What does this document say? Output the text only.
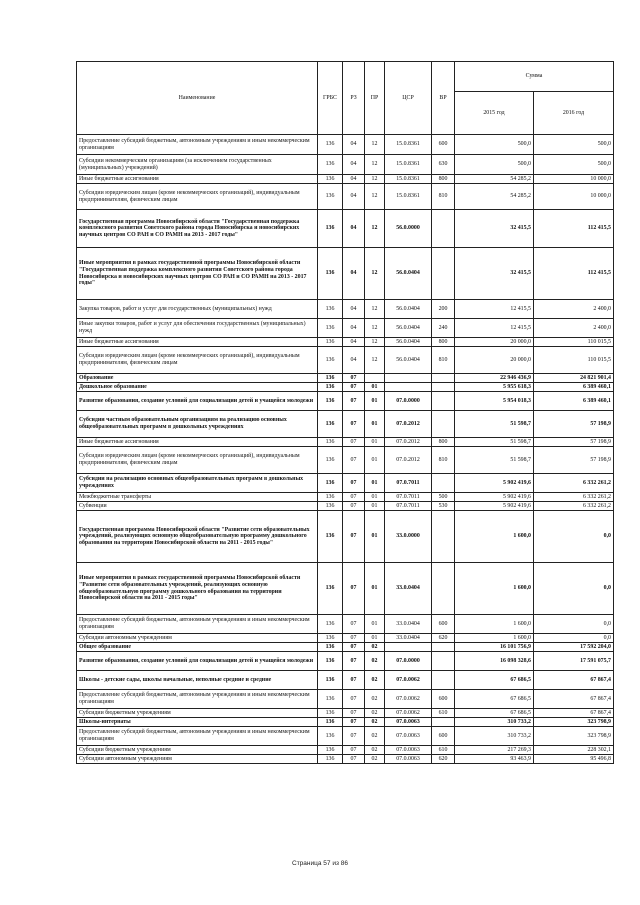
Наименование	ГРБС	РЗ	ПР	ЦСР	ВР	Сумма	
						2015 год	2016 год
Предоставление субсидий бюджетным, автономным учреждениям и иным некоммерческим организациям	136	04	12	15.0.8361	600	500,0	500,0
Субсидии некоммерческим организациям (за исключением государственных (муниципальных) учреждений)	136	04	12	15.0.8361	630	500,0	500,0
Иные бюджетные ассигнования	136	04	12	15.0.8361	800	54 285,2	10 000,0
Субсидии юридическим лицам (кроме некоммерческих организаций), индивидуальным предпринимателям, физическим лицам	136	04	12	15.0.8361	810	54 285,2	10 000,0
Государственная программа Новосибирской области "Государственная поддержка комплексного развития Советского района города Новосибирска и новосибирских научных центров СО РАН и СО РАМН на 2013 - 2017 годы"	136	04	12	56.0.0000		32 415,5	112 415,5
Иные мероприятия в рамках государственной программы Новосибирской области "Государственная поддержка комплексного развития Советского района города Новосибирска и новосибирских научных центров СО РАН и СО РАМН на 2013 - 2017 годы"	136	04	12	56.0.0404		32 415,5	112 415,5
Закупка товаров, работ и услуг для государственных (муниципальных) нужд	136	04	12	56.0.0404	200	12 415,5	2 400,0
Иные закупки товаров, работ и услуг для обеспечения государственных (муниципальных) нужд	136	04	12	56.0.0404	240	12 415,5	2 400,0
Иные бюджетные ассигнования	136	04	12	56.0.0404	800	20 000,0	110 015,5
Субсидии юридическим лицам (кроме некоммерческих организаций), индивидуальным предпринимателям, физическим лицам	136	04	12	56.0.0404	810	20 000,0	110 015,5
Образование	136	07				22 946 436,9	24 821 901,4
Дошкольное образование	136	07	01			5 955 618,3	6 389 460,1
Развитие образования, создание условий для социализации детей и учащейся молодежи	136	07	01	07.0.0000		5 954 018,3	6 389 460,1
Субсидии частным образовательным организациям на реализацию основных общеобразовательных программ в дошкольных учреждениях	136	07	01	07.0.2012		51 598,7	57 198,9
Иные бюджетные ассигнования	136	07	01	07.0.2012	800	51 598,7	57 198,9
Субсидии юридическим лицам (кроме некоммерческих организаций), индивидуальным предпринимателям, физическим лицам	136	07	01	07.0.2012	810	51 598,7	57 198,9
Субсидии на реализацию основных общеобразовательных программ в дошкольных учреждениях	136	07	01	07.0.7011		5 902 419,6	6 332 261,2
Межбюджетные трансферты	136	07	01	07.0.7011	500	5 902 419,6	6 332 261,2
Субвенции	136	07	01	07.0.7011	530	5 902 419,6	6 332 261,2
Государственная программа Новосибирской области "Развитие сети образовательных учреждений, реализующих основную общеобразовательную программу дошкольного образования на территории Новосибирской области на 2011 - 2015 годы"	136	07	01	33.0.0000		1 600,0	0,0
Иные мероприятия в рамках государственной программы Новосибирской области "Развитие сети образовательных учреждений, реализующих основную общеобразовательную программу дошкольного образования на территории Новосибирской области на 2011 - 2015 годы"	136	07	01	33.0.0404		1 600,0	0,0
Предоставление субсидий бюджетным, автономным учреждениям и иным некоммерческим организациям	136	07	01	33.0.0404	600	1 600,0	0,0
Субсидии автономным учреждениям	136	07	01	33.0.0404	620	1 600,0	0,0
Общее образование	136	07	02			16 101 756,9	17 592 204,0
Развитие образования, создание условий для социализации детей и учащейся молодежи	136	07	02	07.0.0000		16 098 328,6	17 591 075,7
Школы - детские сады, школы начальные, неполные средние и средние	136	07	02	07.0.0062		67 686,5	67 867,4
Предоставление субсидий бюджетным, автономным учреждениям и иным некоммерческим организациям	136	07	02	07.0.0062	600	67 686,5	67 867,4
Субсидии бюджетным учреждениям	136	07	02	07.0.0062	610	67 686,5	67 867,4
Школы-интернаты	136	07	02	07.0.0063		310 733,2	323 798,9
Предоставление субсидий бюджетным, автономным учреждениям и иным некоммерческим организациям	136	07	02	07.0.0063	600	310 733,2	323 798,9
Субсидии бюджетным учреждениям	136	07	02	07.0.0063	610	217 269,3	228 302,1
Субсидии автономным учреждениям	136	07	02	07.0.0063	620	93 463,9	95 496,8
Страница 57 из 86
